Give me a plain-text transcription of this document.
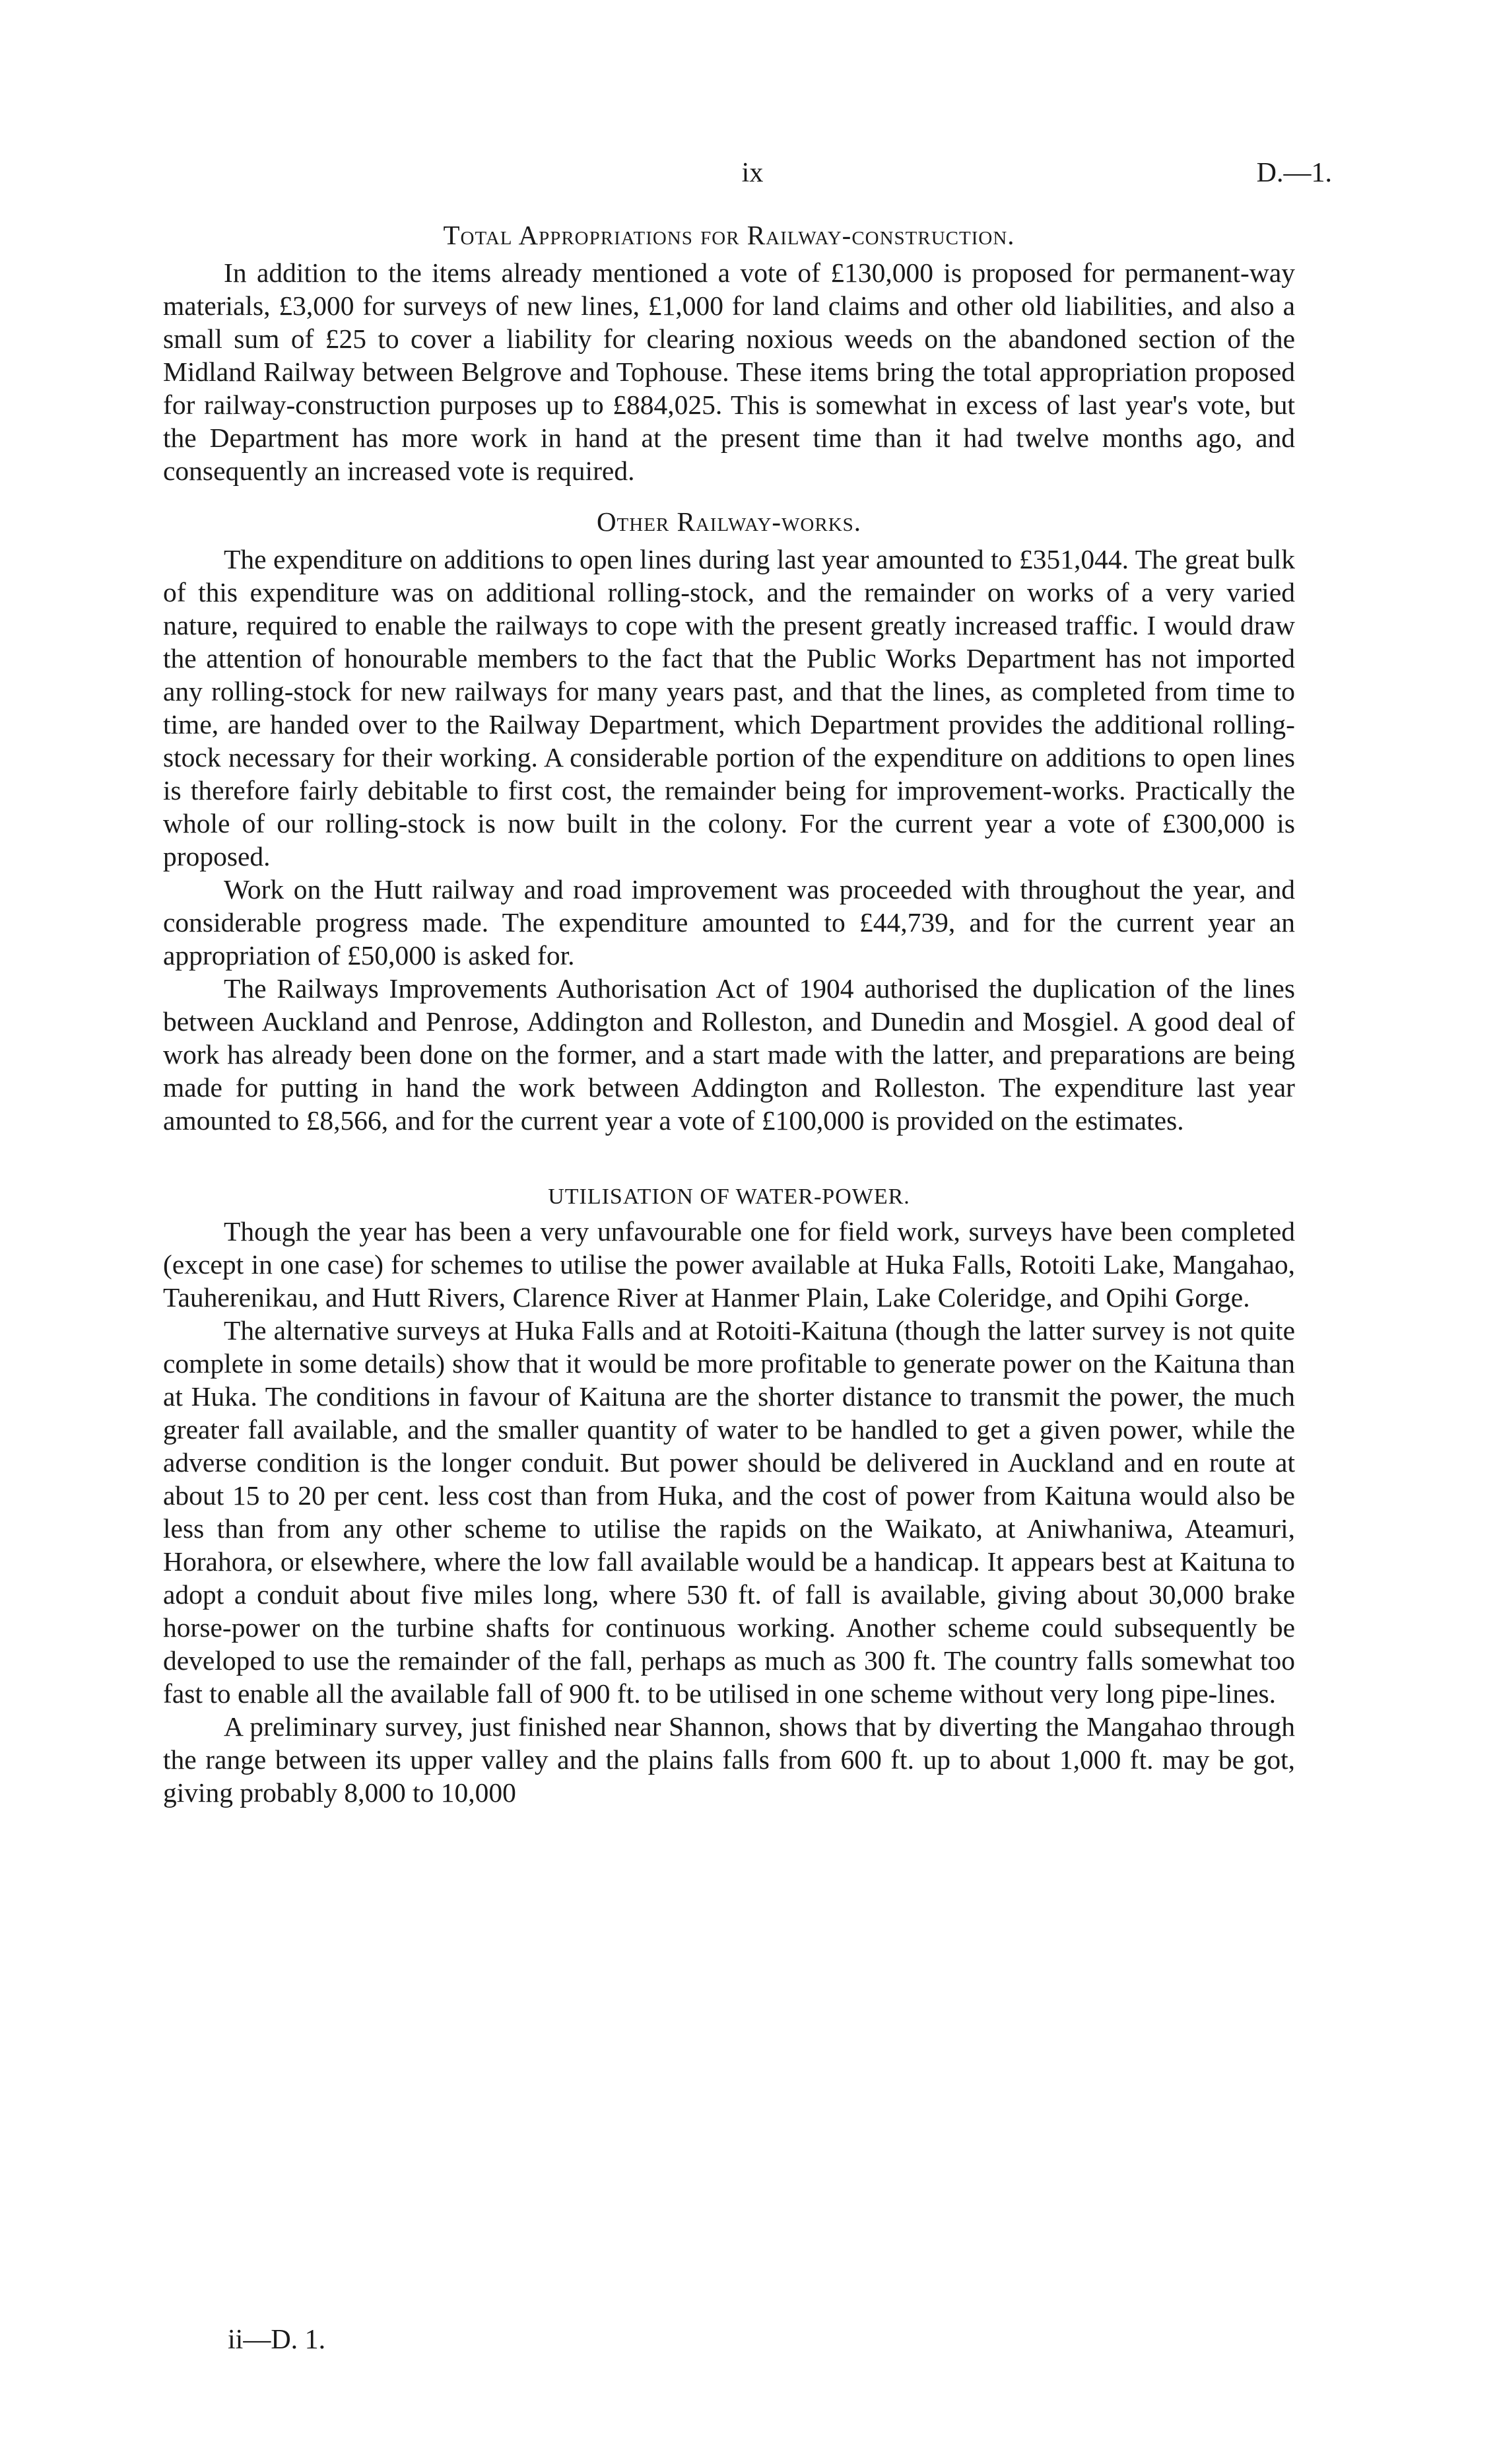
ix	D.—1.
Total Appropriations for Railway-construction.

In addition to the items already mentioned a vote of £130,000 is proposed for permanent-way materials, £3,000 for surveys of new lines, £1,000 for land claims and other old liabilities, and also a small sum of £25 to cover a liability for clearing noxious weeds on the abandoned section of the Midland Railway between Belgrove and Tophouse. These items bring the total appropriation proposed for railway-construction purposes up to £884,025. This is somewhat in excess of last year's vote, but the Department has more work in hand at the present time than it had twelve months ago, and consequently an increased vote is required.

Other Railway-works.

The expenditure on additions to open lines during last year amounted to £351,044. The great bulk of this expenditure was on additional rolling-stock, and the remainder on works of a very varied nature, required to enable the railways to cope with the present greatly increased traffic. I would draw the attention of honourable members to the fact that the Public Works Department has not imported any rolling-stock for new railways for many years past, and that the lines, as completed from time to time, are handed over to the Railway Department, which Department provides the additional rolling-stock necessary for their working. A considerable portion of the expenditure on additions to open lines is therefore fairly debitable to first cost, the remainder being for improvement-works. Practically the whole of our rolling-stock is now built in the colony. For the current year a vote of £300,000 is proposed.

Work on the Hutt railway and road improvement was proceeded with throughout the year, and considerable progress made. The expenditure amounted to £44,739, and for the current year an appropriation of £50,000 is asked for.

The Railways Improvements Authorisation Act of 1904 authorised the duplication of the lines between Auckland and Penrose, Addington and Rolleston, and Dunedin and Mosgiel. A good deal of work has already been done on the former, and a start made with the latter, and preparations are being made for putting in hand the work between Addington and Rolleston. The expenditure last year amounted to £8,566, and for the current year a vote of £100,000 is provided on the estimates.

UTILISATION OF WATER-POWER.

Though the year has been a very unfavourable one for field work, surveys have been completed (except in one case) for schemes to utilise the power available at Huka Falls, Rotoiti Lake, Mangahao, Tauherenikau, and Hutt Rivers, Clarence River at Hanmer Plain, Lake Coleridge, and Opihi Gorge.

The alternative surveys at Huka Falls and at Rotoiti-Kaituna (though the latter survey is not quite complete in some details) show that it would be more profitable to generate power on the Kaituna than at Huka. The conditions in favour of Kaituna are the shorter distance to transmit the power, the much greater fall available, and the smaller quantity of water to be handled to get a given power, while the adverse condition is the longer conduit. But power should be delivered in Auckland and en route at about 15 to 20 per cent. less cost than from Huka, and the cost of power from Kaituna would also be less than from any other scheme to utilise the rapids on the Waikato, at Aniwhaniwa, Ateamuri, Horahora, or elsewhere, where the low fall available would be a handicap. It appears best at Kaituna to adopt a conduit about five miles long, where 530 ft. of fall is available, giving about 30,000 brake horse-power on the turbine shafts for continuous working. Another scheme could subsequently be developed to use the remainder of the fall, perhaps as much as 300 ft. The country falls somewhat too fast to enable all the available fall of 900 ft. to be utilised in one scheme without very long pipe-lines.

A preliminary survey, just finished near Shannon, shows that by diverting the Mangahao through the range between its upper valley and the plains falls from 600 ft. up to about 1,000 ft. may be got, giving probably 8,000 to 10,000

ii—D. 1.
